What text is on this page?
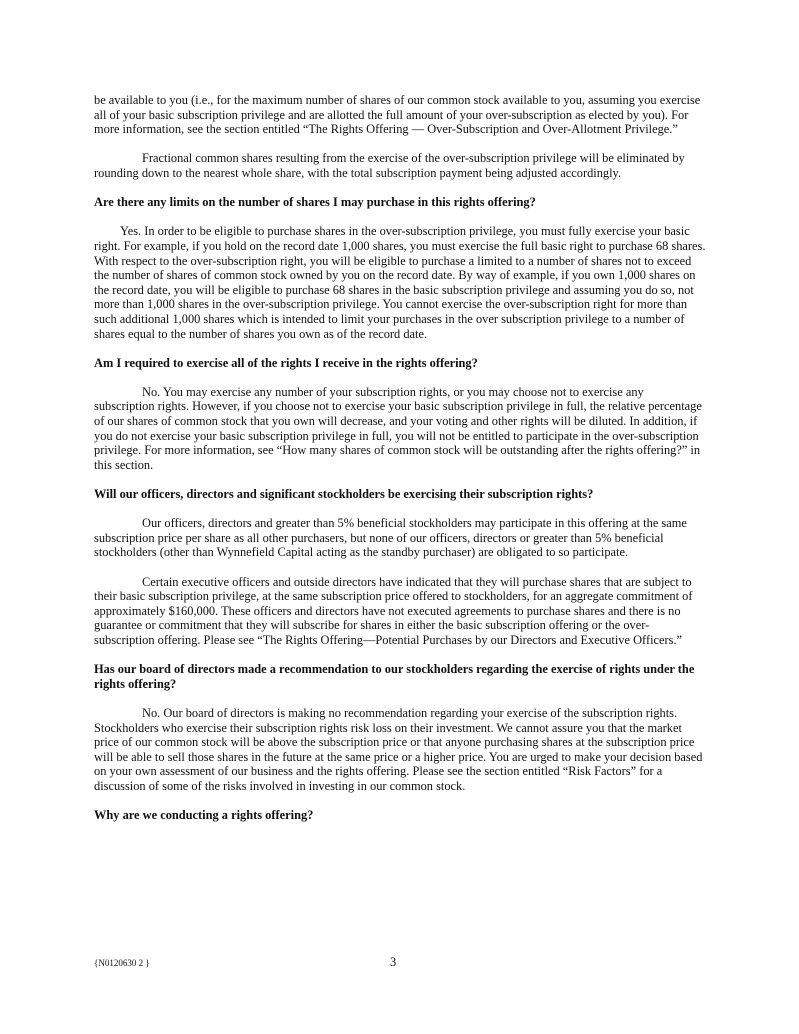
be available to you (i.e., for the maximum number of shares of our common stock available to you, assuming you exercise all of your basic subscription privilege and are allotted the full amount of your over-subscription as elected by you). For more information, see the section entitled “The Rights Offering — Over-Subscription and Over-Allotment Privilege.”

Fractional common shares resulting from the exercise of the over-subscription privilege will be eliminated by rounding down to the nearest whole share, with the total subscription payment being adjusted accordingly.

Are there any limits on the number of shares I may purchase in this rights offering?

Yes. In order to be eligible to purchase shares in the over-subscription privilege, you must fully exercise your basic right. For example, if you hold on the record date 1,000 shares, you must exercise the full basic right to purchase 68 shares. With respect to the over-subscription right, you will be eligible to purchase a limited to a number of shares not to exceed the number of shares of common stock owned by you on the record date. By way of example, if you own 1,000 shares on the record date, you will be eligible to purchase 68 shares in the basic subscription privilege and assuming you do so, not more than 1,000 shares in the over-subscription privilege. You cannot exercise the over-subscription right for more than such additional 1,000 shares which is intended to limit your purchases in the over subscription privilege to a number of shares equal to the number of shares you own as of the record date.

Am I required to exercise all of the rights I receive in the rights offering?

No. You may exercise any number of your subscription rights, or you may choose not to exercise any subscription rights. However, if you choose not to exercise your basic subscription privilege in full, the relative percentage of our shares of common stock that you own will decrease, and your voting and other rights will be diluted. In addition, if you do not exercise your basic subscription privilege in full, you will not be entitled to participate in the over-subscription privilege. For more information, see “How many shares of common stock will be outstanding after the rights offering?” in this section.

Will our officers, directors and significant stockholders be exercising their subscription rights?

Our officers, directors and greater than 5% beneficial stockholders may participate in this offering at the same subscription price per share as all other purchasers, but none of our officers, directors or greater than 5% beneficial stockholders (other than Wynnefield Capital acting as the standby purchaser) are obligated to so participate.

Certain executive officers and outside directors have indicated that they will purchase shares that are subject to their basic subscription privilege, at the same subscription price offered to stockholders, for an aggregate commitment of approximately $160,000. These officers and directors have not executed agreements to purchase shares and there is no guarantee or commitment that they will subscribe for shares in either the basic subscription offering or the over-subscription offering. Please see “The Rights Offering—Potential Purchases by our Directors and Executive Officers.”

Has our board of directors made a recommendation to our stockholders regarding the exercise of rights under the rights offering?

No. Our board of directors is making no recommendation regarding your exercise of the subscription rights. Stockholders who exercise their subscription rights risk loss on their investment. We cannot assure you that the market price of our common stock will be above the subscription price or that anyone purchasing shares at the subscription price will be able to sell those shares in the future at the same price or a higher price. You are urged to make your decision based on your own assessment of our business and the rights offering. Please see the section entitled “Risk Factors” for a discussion of some of the risks involved in investing in our common stock.

Why are we conducting a rights offering?

{N0120630 2 }	3
